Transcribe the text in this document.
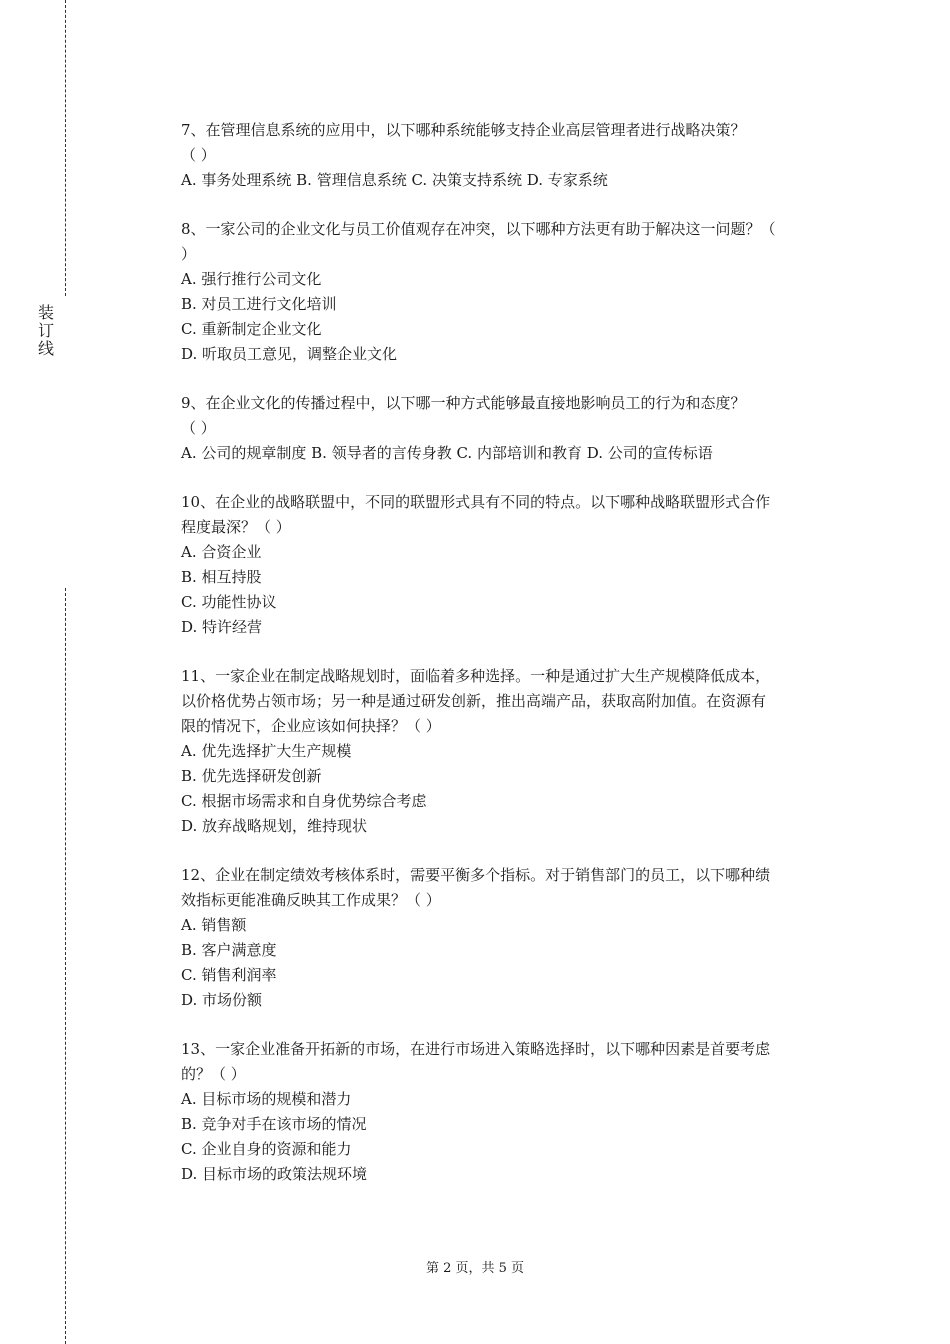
装
订
线
7、在管理信息系统的应用中，以下哪种系统能够支持企业高层管理者进行战略决策？
（ ）
A. 事务处理系统 B. 管理信息系统 C. 决策支持系统 D. 专家系统
8、一家公司的企业文化与员工价值观存在冲突，以下哪种方法更有助于解决这一问题？（
）
A. 强行推行公司文化
B. 对员工进行文化培训
C. 重新制定企业文化
D. 听取员工意见，调整企业文化
9、在企业文化的传播过程中，以下哪一种方式能够最直接地影响员工的行为和态度？
（ ）
A. 公司的规章制度 B. 领导者的言传身教 C. 内部培训和教育 D. 公司的宣传标语
10、在企业的战略联盟中，不同的联盟形式具有不同的特点。以下哪种战略联盟形式合作
程度最深？（ ）
A. 合资企业
B. 相互持股
C. 功能性协议
D. 特许经营
11、一家企业在制定战略规划时，面临着多种选择。一种是通过扩大生产规模降低成本，
以价格优势占领市场；另一种是通过研发创新，推出高端产品，获取高附加值。在资源有
限的情况下，企业应该如何抉择？（ ）
A. 优先选择扩大生产规模
B. 优先选择研发创新
C. 根据市场需求和自身优势综合考虑
D. 放弃战略规划，维持现状
12、企业在制定绩效考核体系时，需要平衡多个指标。对于销售部门的员工，以下哪种绩
效指标更能准确反映其工作成果？（ ）
A. 销售额
B. 客户满意度
C. 销售利润率
D. 市场份额
13、一家企业准备开拓新的市场，在进行市场进入策略选择时，以下哪种因素是首要考虑
的？（ ）
A. 目标市场的规模和潜力
B. 竞争对手在该市场的情况
C. 企业自身的资源和能力
D. 目标市场的政策法规环境
第 2 页，共 5 页
